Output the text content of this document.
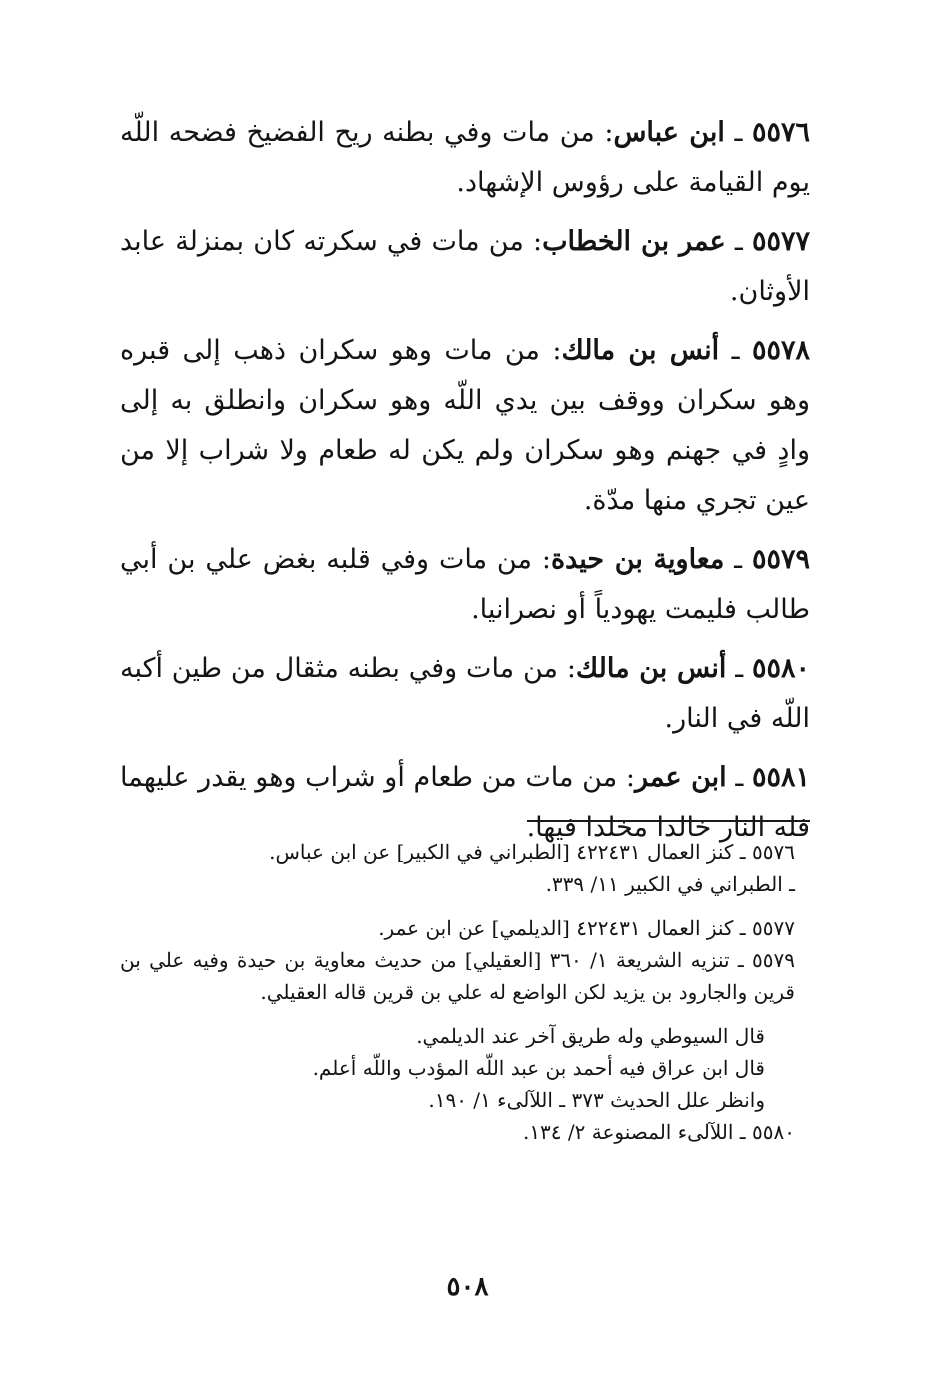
٥٥٧٦ ـ ابن عباس: من مات وفي بطنه ريح الفضيخ فضحه اللّه يوم القيامة على رؤوس الإشهاد.

٥٥٧٧ ـ عمر بن الخطاب: من مات في سكرته كان بمنزلة عابد الأوثان.

٥٥٧٨ ـ أنس بن مالك: من مات وهو سكران ذهب إلى قبره وهو سكران ووقف بين يدي اللّه وهو سكران وانطلق به إلى وادٍ في جهنم وهو سكران ولم يكن له طعام ولا شراب إلا من عين تجري منها مدّة.

٥٥٧٩ ـ معاوية بن حيدة: من مات وفي قلبه بغض علي بن أبي طالب فليمت يهودياً أو نصرانيا.

٥٥٨٠ ـ أنس بن مالك: من مات وفي بطنه مثقال من طين أكبه اللّه في النار.

٥٥٨١ ـ ابن عمر: من مات من طعام أو شراب وهو يقدر عليهما فله النار خالدا مخلدا فيها.

٥٥٧٦ ـ كنز العمال ٤٢٢٤٣١ [الطبراني في الكبير] عن ابن عباس.

ـ الطبراني في الكبير ١١/ ٣٣٩.

٥٥٧٧ ـ كنز العمال ٤٢٢٤٣١ [الديلمي] عن ابن عمر.

٥٥٧٩ ـ تنزيه الشريعة ١/ ٣٦٠ [العقيلي] من حديث معاوية بن حيدة وفيه علي بن قرين والجارود بن يزيد لكن الواضع له علي بن قرين قاله العقيلي.

قال السيوطي وله طريق آخر عند الديلمي.

قال ابن عراق فيه أحمد بن عبد اللّه المؤدب واللّه أعلم.

وانظر علل الحديث ٣٧٣ ـ اللآلىء ١/ ١٩٠.

٥٥٨٠ ـ اللآلىء المصنوعة ٢/ ١٣٤.

٥٠٨
